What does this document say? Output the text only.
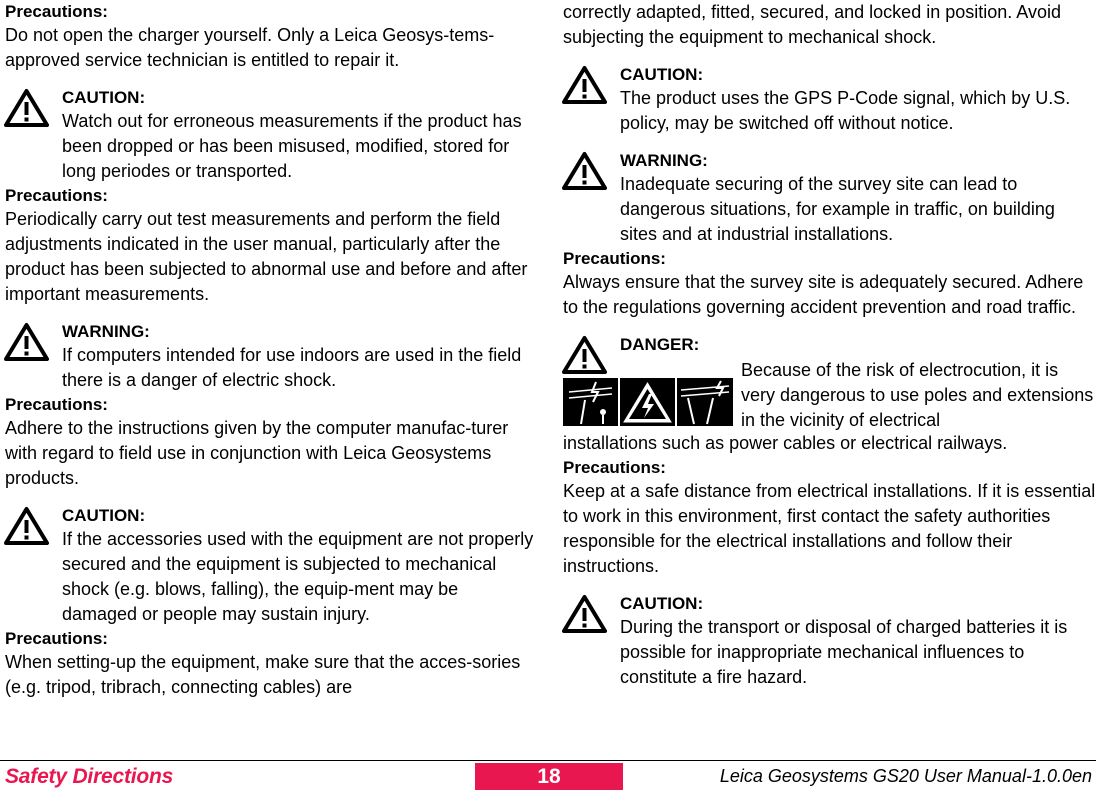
Precautions:
Do not open the charger yourself. Only a Leica Geosys-tems-approved service technician is entitled to repair it.
CAUTION:
Watch out for erroneous measurements if the product has been dropped or has been misused, modified, stored for long periodes or transported.
Precautions:
Periodically carry out test measurements and perform the field adjustments indicated in the user manual, particularly after the product has been subjected to abnormal use and before and after important measurements.
WARNING:
If computers intended for use indoors are used in the field there is a danger of electric shock.
Precautions:
Adhere to the instructions given by the computer manufac-turer with regard to field use in conjunction with Leica Geosystems products.
CAUTION:
If the accessories used with the equipment are not properly secured and the equipment is subjected to mechanical shock (e.g. blows, falling), the equip-ment may be damaged or people may sustain injury.
Precautions:
When setting-up the equipment, make sure that the acces-sories (e.g. tripod, tribrach, connecting cables) are
correctly adapted, fitted, secured, and locked in position. Avoid subjecting the equipment to mechanical shock.
CAUTION:
The product uses the GPS P-Code signal, which by U.S. policy, may be switched off without notice.
WARNING:
Inadequate securing of the survey site can lead to dangerous situations, for example in traffic, on building sites and at industrial installations.
Precautions:
Always ensure that the survey site is adequately secured. Adhere to the regulations governing accident prevention and road traffic.
DANGER:
Because of the risk of electrocution, it is very dangerous to use poles and extensions in the vicinity of electrical
installations such as power cables or electrical railways.
Precautions:
Keep at a safe distance from electrical installations. If it is essential to work in this environment, first contact the safety authorities responsible for the electrical installations and follow their instructions.
CAUTION:
During the transport or disposal of charged batteries it is possible for inappropriate mechanical influences to constitute a fire hazard.
Safety Directions	18	Leica Geosystems GS20 User Manual-1.0.0en
